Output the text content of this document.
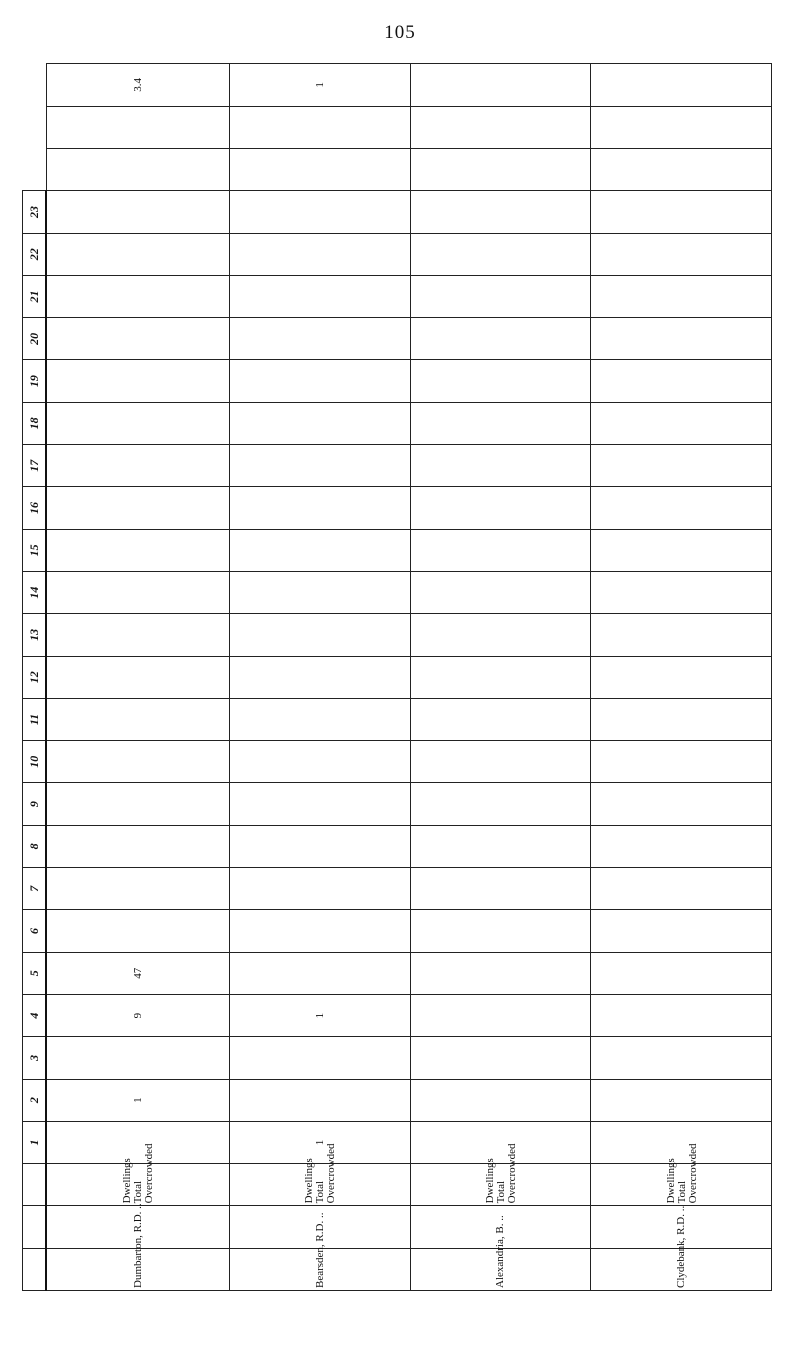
105
			1	2	3	4	5	6	7	8	9	10	11	12	13	14	15	16	17	18	19	20	21	22	23			
Dumbarton, R.D. ..		Dwellings Total Overcrowded		1		9	47																					3.4
Bearsden, R.D. ..		Dwellings Total Overcrowded	1			1																						1
Alexandria, B. ..		Dwellings Total Overcrowded																										

Clydebank, R.D. ..		Dwellings Total Overcrowded																										
